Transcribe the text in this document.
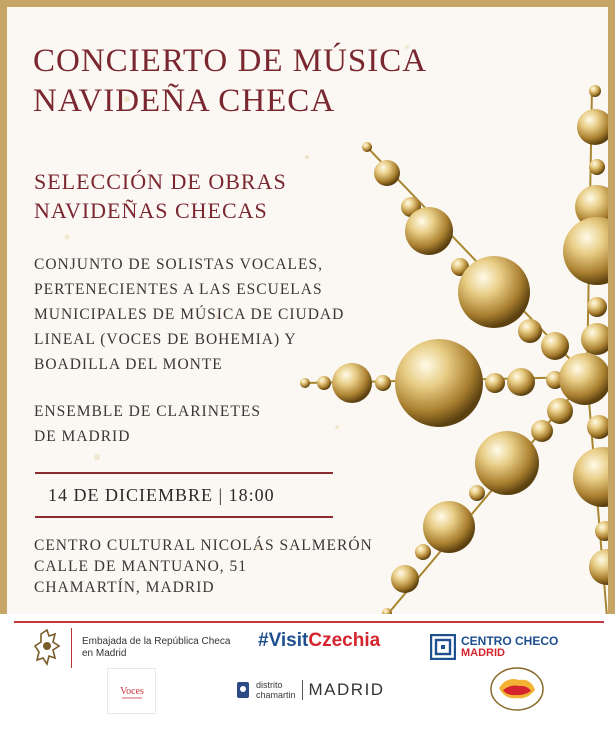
CONCIERTO DE MÚSICA
NAVIDEÑA CHECA
SELECCIÓN DE OBRAS
NAVIDEÑAS CHECAS
CONJUNTO DE SOLISTAS VOCALES,
PERTENECIENTES A LAS ESCUELAS
MUNICIPALES DE MÚSICA DE CIUDAD
LINEAL (VOCES DE BOHEMIA) Y
BOADILLA DEL MONTE
ENSEMBLE DE CLARINETES
DE MADRID
14 DE DICIEMBRE | 18:00
CENTRO CULTURAL NICOLÁS SALMERÓN
CALLE DE MANTUANO, 51
CHAMARTÍN, MADRID
Embajada de la República Checa
en Madrid
#VisitCzechia	CENTRO CHECO
MADRID
Voces
distrito
chamartin MADRID
